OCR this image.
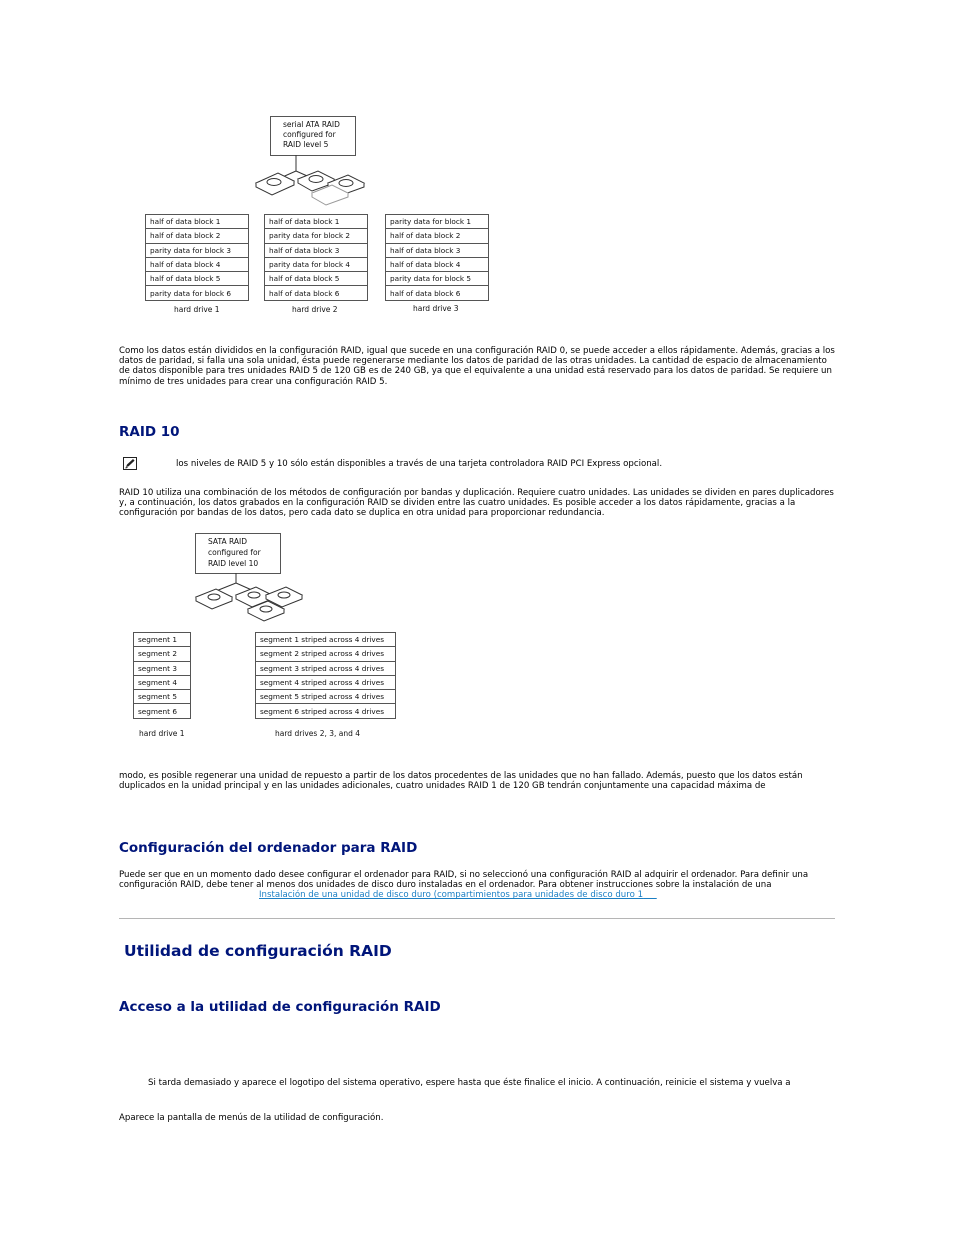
serial ATA RAID
configured for
RAID level 5
half of data block 1
half of data block 2
parity data for block 3
half of data block 4
half of data block 5
parity data for block 6
hard drive 1
half of data block 1
parity data for block 2
half of data block 3
parity data for block 4
half of data block 5
half of data block 6
hard drive 2
parity data for block 1
half of data block 2
half of data block 3
half of data block 4
parity data for block 5
half of data block 6
hard drive 3

Como los datos están divididos en la configuración RAID, igual que sucede en una configuración RAID 0, se puede acceder a ellos rápidamente. Además, gracias a los datos de paridad, si falla una sola unidad, ésta puede regenerarse mediante los datos de paridad de las otras unidades. La cantidad de espacio de almacenamiento de datos disponible para tres unidades RAID 5 de 120 GB es de 240 GB, ya que el equivalente a una unidad está reservado para los datos de paridad. Se requiere un mínimo de tres unidades para crear una configuración RAID 5.

RAID 10

los niveles de RAID 5 y 10 sólo están disponibles a través de una tarjeta controladora RAID PCI Express opcional.

RAID 10 utiliza una combinación de los métodos de configuración por bandas y duplicación. Requiere cuatro unidades. Las unidades se dividen en pares duplicadores y, a continuación, los datos grabados en la configuración RAID se dividen entre las cuatro unidades. Es posible acceder a los datos rápidamente, gracias a la configuración por bandas de los datos, pero cada dato se duplica en otra unidad para proporcionar redundancia.

SATA RAID
configured for
RAID level 10
segment 1
segment 2
segment 3
segment 4
segment 5
segment 6
hard drive 1
segment 1 striped across 4 drives
segment 2 striped across 4 drives
segment 3 striped across 4 drives
segment 4 striped across 4 drives
segment 5 striped across 4 drives
segment 6 striped across 4 drives
hard drives 2, 3, and 4

modo, es posible regenerar una unidad de repuesto a partir de los datos procedentes de las unidades que no han fallado. Además, puesto que los datos están duplicados en la unidad principal y en las unidades adicionales, cuatro unidades RAID 1 de 120 GB tendrán conjuntamente una capacidad máxima de

Configuración del ordenador para RAID

Puede ser que en un momento dado desee configurar el ordenador para RAID, si no seleccionó una configuración RAID al adquirir el ordenador. Para definir una configuración RAID, debe tener al menos dos unidades de disco duro instaladas en el ordenador. Para obtener instrucciones sobre la instalación de una
Instalación de una unidad de disco duro (compartimientos para unidades de disco duro 1

Utilidad de configuración RAID
Acceso a la utilidad de configuración RAID

Si tarda demasiado y aparece el logotipo del sistema operativo, espere hasta que éste finalice el inicio. A continuación, reinicie el sistema y vuelva a

Aparece la pantalla de menús de la utilidad de configuración.
